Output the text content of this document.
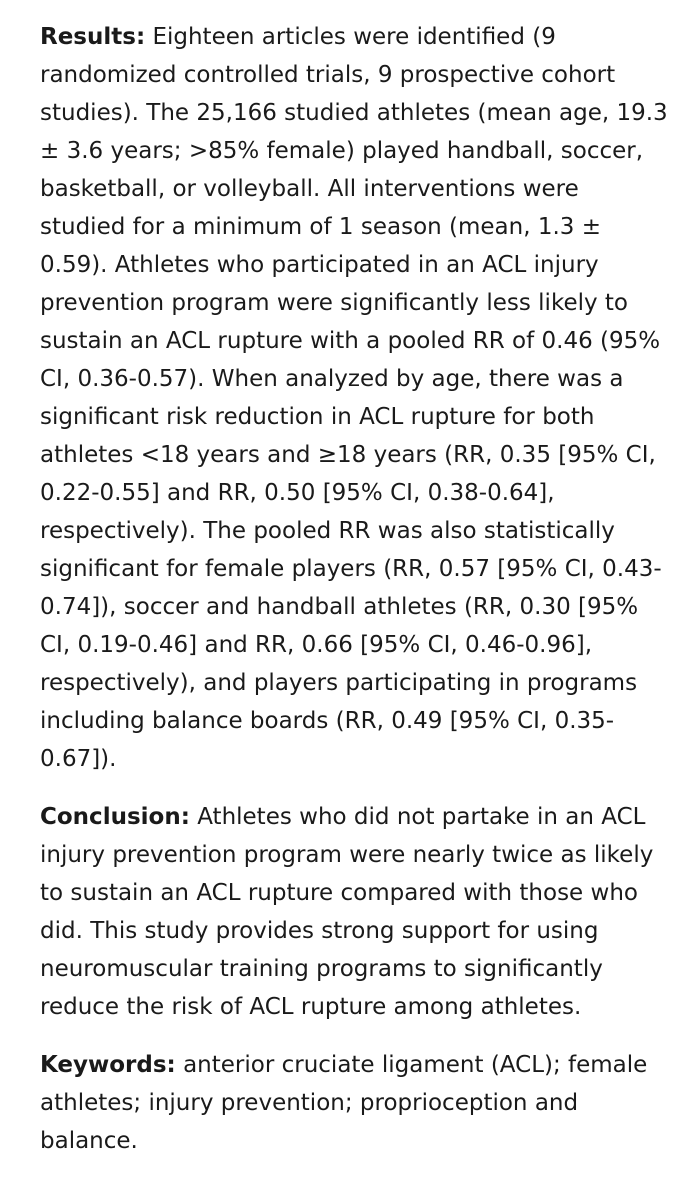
Results: Eighteen articles were identified (9 randomized controlled trials, 9 prospective cohort studies). The 25,166 studied athletes (mean age, 19.3 ± 3.6 years; >85% female) played handball, soccer, basketball, or volleyball. All interventions were studied for a minimum of 1 season (mean, 1.3 ± 0.59). Athletes who participated in an ACL injury prevention program were significantly less likely to sustain an ACL rupture with a pooled RR of 0.46 (95% CI, 0.36-0.57). When analyzed by age, there was a significant risk reduction in ACL rupture for both athletes <18 years and ≥18 years (RR, 0.35 [95% CI, 0.22-0.55] and RR, 0.50 [95% CI, 0.38-0.64], respectively). The pooled RR was also statistically significant for female players (RR, 0.57 [95% CI, 0.43-0.74]), soccer and handball athletes (RR, 0.30 [95% CI, 0.19-0.46] and RR, 0.66 [95% CI, 0.46-0.96], respectively), and players participating in programs including balance boards (RR, 0.49 [95% CI, 0.35-0.67]).

Conclusion: Athletes who did not partake in an ACL injury prevention program were nearly twice as likely to sustain an ACL rupture compared with those who did. This study provides strong support for using neuromuscular training programs to significantly reduce the risk of ACL rupture among athletes.

Keywords: anterior cruciate ligament (ACL); female athletes; injury prevention; proprioception and balance.
